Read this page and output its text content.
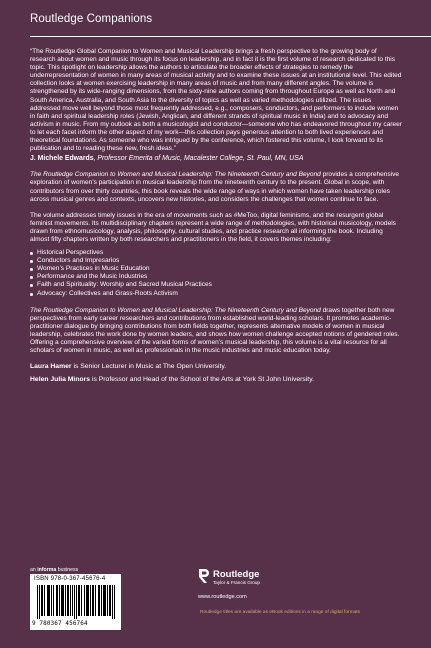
Routledge Companions

“The Routledge Global Companion to Women and Musical Leadership brings a fresh perspective to the growing body of research about women and music through its focus on leadership, and in fact it is the first volume of research dedicated to this topic. This spotlight on leadership allows the authors to articulate the broader effects of strategies to remedy the underrepresentation of women in many areas of musical activity and to examine these issues at an institutional level. This edited collection looks at women exercising leadership in many areas of music and from many different angles. The volume is strengthened by its wide-ranging dimensions, from the sixty-nine authors coming from throughout Europe as well as North and South America, Australia, and South Asia to the diversity of topics as well as varied methodologies utilized. The issues addressed move well beyond those most frequently addressed, e.g., composers, conductors, and performers to include women in faith and spiritual leadership roles (Jewish, Anglican, and different strands of spiritual music in India) and to advocacy and activism in music. From my outlook as both a musicologist and conductor—someone who has endeavored throughout my career to let each facet inform the other aspect of my work—this collection pays generous attention to both lived experiences and theoretical foundations. As someone who was intrigued by the conference, which fostered this volume, I look forward to its publication and to reading these new, fresh ideas.”

J. Michele Edwards, Professor Emerita of Music, Macalester College, St. Paul, MN, USA

The Routledge Companion to Women and Musical Leadership: The Nineteenth Century and Beyond provides a comprehensive exploration of women’s participation in musical leadership from the nineteenth century to the present. Global in scope, with contributors from over thirty countries, this book reveals the wide range of ways in which women have taken leadership roles across musical genres and contexts, uncovers new histories, and considers the challenges that women continue to face.

The volume addresses timely issues in the era of movements such as #MeToo, digital feminisms, and the resurgent global feminist movements. Its multidisciplinary chapters represent a wide range of methodologies, with historical musicology, models drawn from ethnomusicology, analysis, philosophy, cultural studies, and practice research all informing the book. Including almost fifty chapters written by both researchers and practitioners in the field, it covers themes including:

Historical Perspectives
Conductors and Impresarios
Women’s Practices in Music Education
Performance and the Music Industries
Faith and Spirituality: Worship and Sacred Musical Practices
Advocacy: Collectives and Grass-Roots Activism

The Routledge Companion to Women and Musical Leadership: The Nineteenth Century and Beyond draws together both new perspectives from early career researchers and contributions from established world-leading scholars. It promotes academic-practitioner dialogue by bringing contributions from both fields together, represents alternative models of women in musical leadership, celebrates the work done by women leaders, and shows how women challenge accepted notions of gendered roles. Offering a comprehensive overview of the varied forms of women’s musical leadership, this volume is a vital resource for all scholars of women in music, as well as professionals in the music industries and music education today.

Laura Hamer is Senior Lecturer in Music at The Open University.

Helen Julia Minors is Professor and Head of the School of the Arts at York St John University.

an informa business
ISBN 978-0-367-45676-4
9 780367 456764
Routledge
Taylor & Francis Group
www.routledge.com
Routledge titles are available as eBook editions in a range of digital formats
